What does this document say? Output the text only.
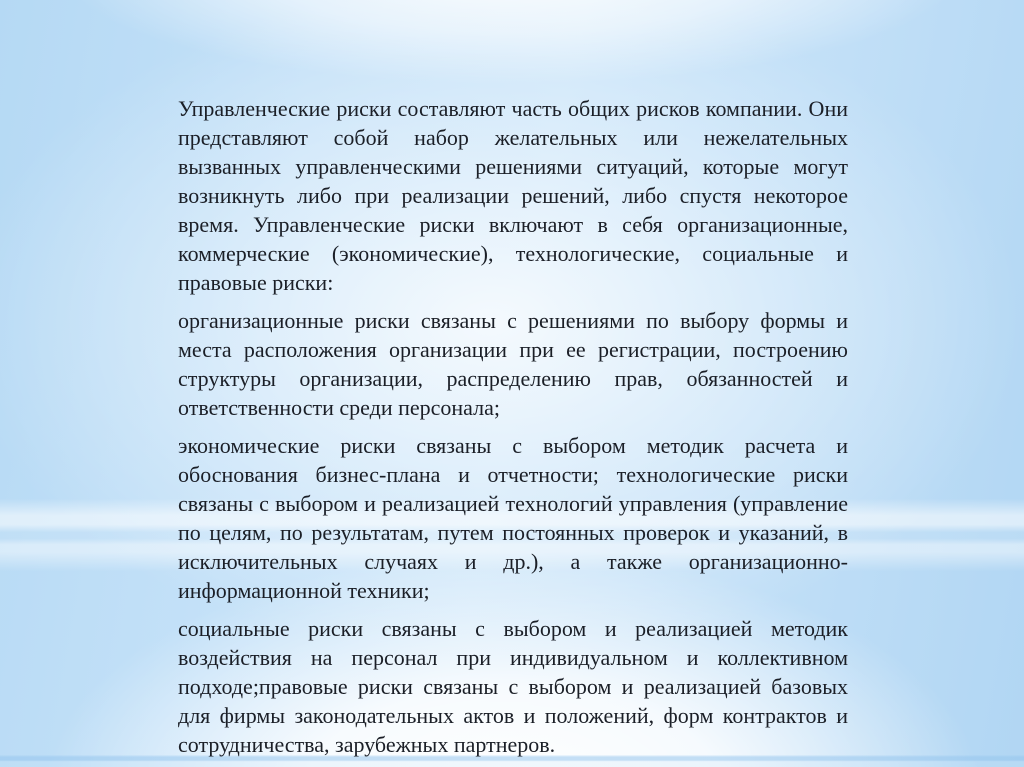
Управленческие риски составляют часть общих рисков компании. Они представляют собой набор желательных или нежелательных вызванных управленческими решениями ситуаций, которые могут возникнуть либо при реализации решений, либо спустя некоторое время. Управленческие риски включают в себя организационные, коммерческие (экономические), технологические, социальные и правовые риски:

организационные риски связаны с решениями по выбору формы и места расположения организации при ее регистрации, построению структуры организации, распределению прав, обязанностей и ответственности среди персонала;

экономические риски связаны с выбором методик расчета и обоснования бизнес-плана и отчетности; технологические риски связаны с выбором и реализацией технологий управления (управление по целям, по результатам, путем постоянных проверок и указаний, в исключительных случаях и др.), а также организационно-информационной техники;

социальные риски связаны с выбором и реализацией методик воздействия на персонал при индивидуальном и коллективном подходе;правовые риски связаны с выбором и реализацией базовых для фирмы законодательных актов и положений, форм контрактов и сотрудничества, зарубежных партнеров.
